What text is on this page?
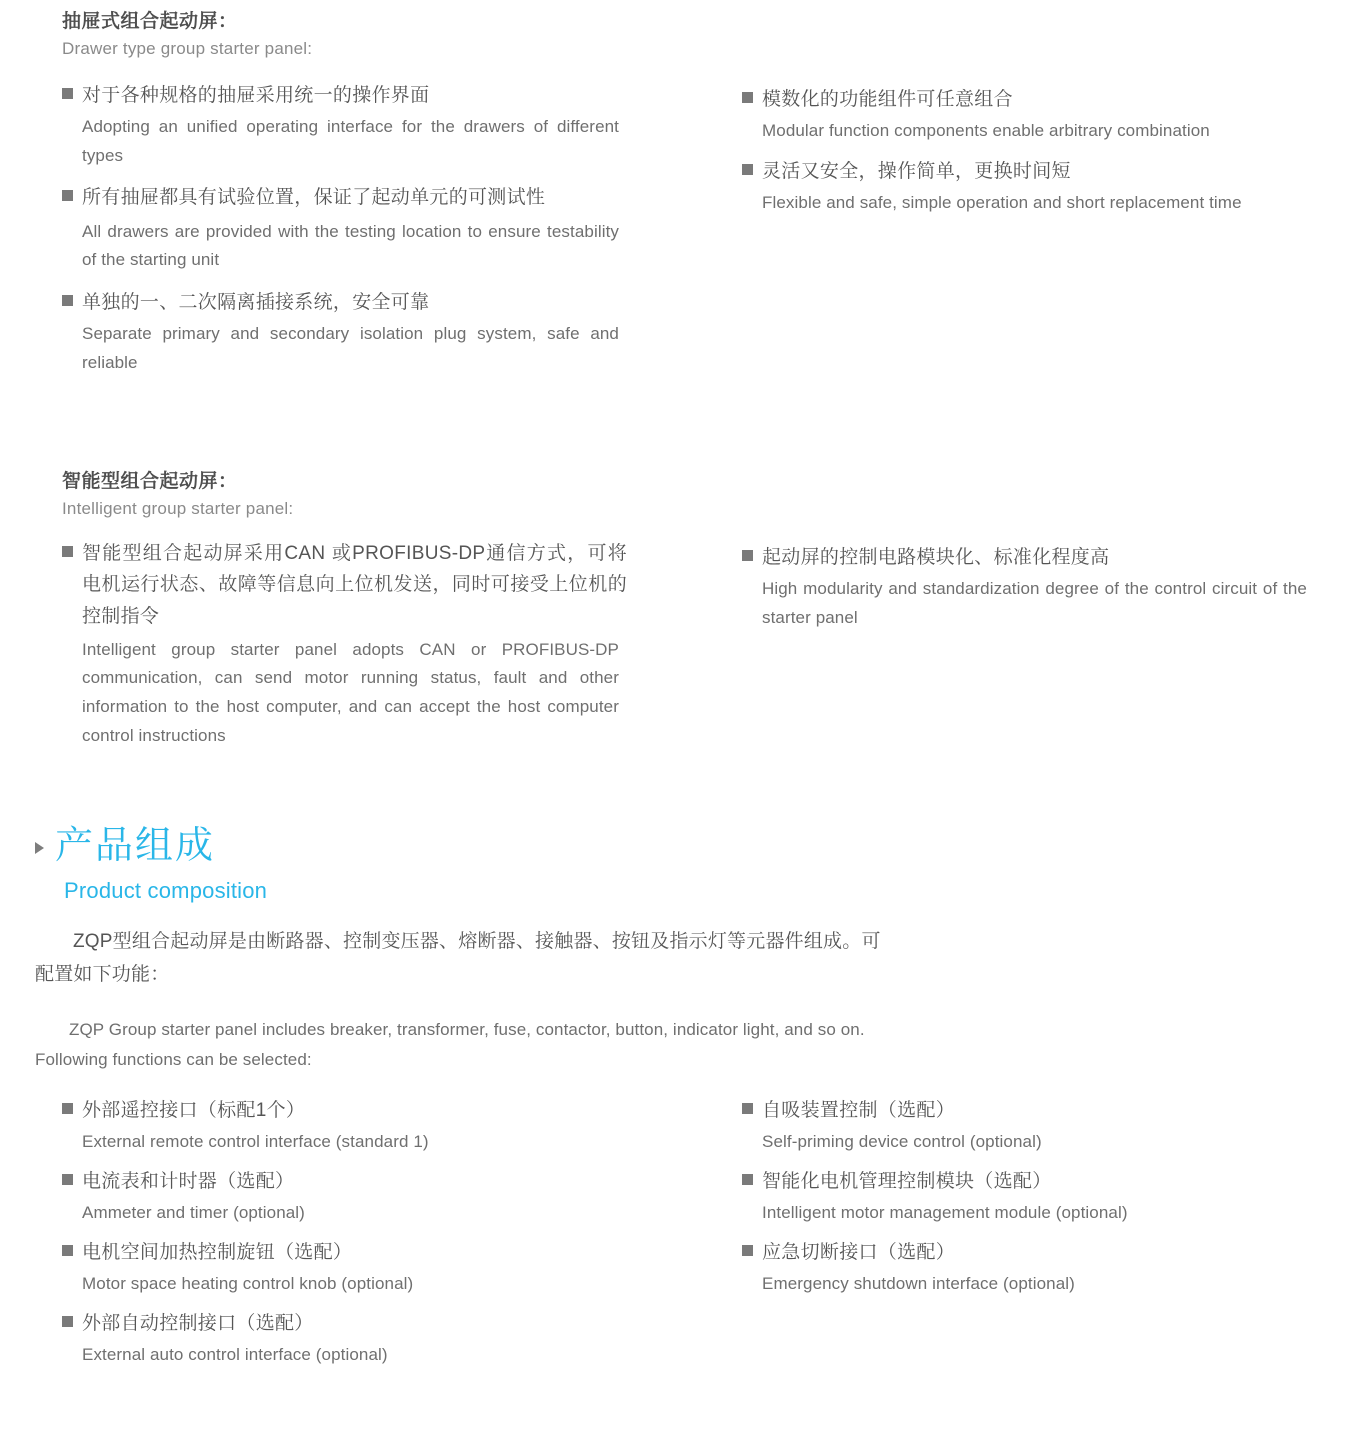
抽屉式组合起动屏：
Drawer type group starter panel:
对于各种规格的抽屉采用统一的操作界面
Adopting an unified operating interface for the drawers of different types
所有抽屉都具有试验位置，保证了起动单元的可测试性
All drawers are provided with the testing location to ensure testability of the starting unit
单独的一、二次隔离插接系统，安全可靠
Separate primary and secondary isolation plug system, safe and reliable
模数化的功能组件可任意组合
Modular function components enable arbitrary combination
灵活又安全，操作简单，更换时间短
Flexible and safe, simple operation and short replacement time
智能型组合起动屏：
Intelligent group starter panel:
智能型组合起动屏采用CAN 或PROFIBUS-DP通信方式，可将电机运行状态、故障等信息向上位机发送，同时可接受上位机的控制指令
Intelligent group starter panel adopts CAN or PROFIBUS-DP communication, can send motor running status, fault and other information to the host computer, and can accept the host computer control instructions
起动屏的控制电路模块化、标准化程度高
High modularity and standardization degree of the control circuit of the starter panel
产品组成
Product composition
ZQP型组合起动屏是由断路器、控制变压器、熔断器、接触器、按钮及指示灯等元器件组成。可配置如下功能：
ZQP Group starter panel includes breaker, transformer, fuse, contactor, button, indicator light, and so on. Following functions can be selected:
外部遥控接口（标配1个）
External remote control interface (standard 1)
电流表和计时器（选配）
Ammeter and timer (optional)
电机空间加热控制旋钮（选配）
Motor space heating control knob (optional)
外部自动控制接口（选配）
External auto control interface (optional)
自吸装置控制（选配）
Self-priming device control (optional)
智能化电机管理控制模块（选配）
Intelligent motor management module (optional)
应急切断接口（选配）
Emergency shutdown interface (optional)
